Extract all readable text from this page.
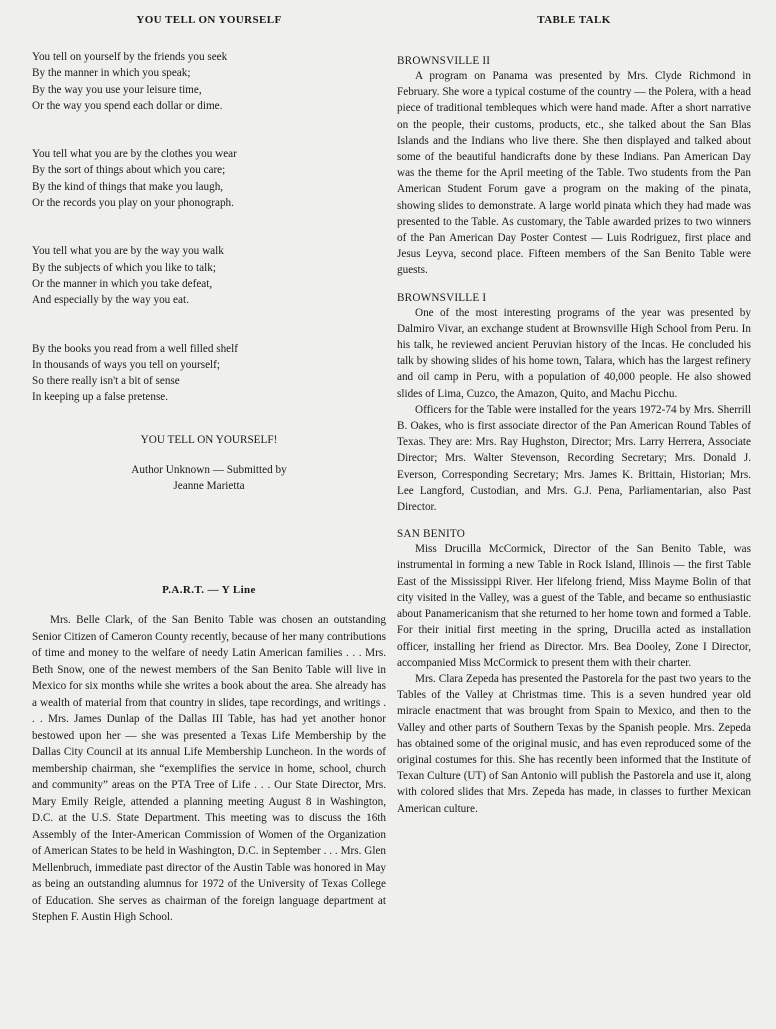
YOU TELL ON YOURSELF
You tell on yourself by the friends you seek
By the manner in which you speak;
By the way you use your leisure time,
Or the way you spend each dollar or dime.
You tell what you are by the clothes you wear
By the sort of things about which you care;
By the kind of things that make you laugh,
Or the records you play on your phonograph.
You tell what you are by the way you walk
By the subjects of which you like to talk;
Or the manner in which you take defeat,
And especially by the way you eat.
By the books you read from a well filled shelf
In thousands of ways you tell on yourself;
So there really isn't a bit of sense
In keeping up a false pretense.
YOU TELL ON YOURSELF!
Author Unknown — Submitted by
Jeanne Marietta
P.A.R.T. — Y Line

Mrs. Belle Clark, of the San Benito Table was chosen an outstanding Senior Citizen of Cameron County recently, because of her many contributions of time and money to the welfare of needy Latin American families . . . Mrs. Beth Snow, one of the newest members of the San Benito Table will live in Mexico for six months while she writes a book about the area. She already has a wealth of material from that country in slides, tape recordings, and writings . . . Mrs. James Dunlap of the Dallas III Table, has had yet another honor bestowed upon her — she was presented a Texas Life Membership by the Dallas City Council at its annual Life Membership Luncheon. In the words of membership chairman, she “exemplifies the service in home, school, church and community” areas on the PTA Tree of Life . . . Our State Director, Mrs. Mary Emily Reigle, attended a planning meeting August 8 in Washington, D.C. at the U.S. State Department. This meeting was to discuss the 16th Assembly of the Inter-American Commission of Women of the Organization of American States to be held in Washington, D.C. in September . . . Mrs. Glen Mellenbruch, immediate past director of the Austin Table was honored in May as being an outstanding alumnus for 1972 of the University of Texas College of Education. She serves as chairman of the foreign language department at Stephen F. Austin High School.

TABLE TALK
BROWNSVILLE II

A program on Panama was presented by Mrs. Clyde Richmond in February. She wore a typical costume of the country — the Polera, with a head piece of traditional tembleques which were hand made. After a short narrative on the people, their customs, products, etc., she talked about the San Blas Islands and the Indians who live there. She then displayed and talked about some of the beautiful handicrafts done by these Indians. Pan American Day was the theme for the April meeting of the Table. Two students from the Pan American Student Forum gave a program on the making of the pinata, showing slides to demonstrate. A large world pinata which they had made was presented to the Table. As customary, the Table awarded prizes to two winners of the Pan American Day Poster Contest — Luis Rodriguez, first place and Jesus Leyva, second place. Fifteen members of the San Benito Table were guests.

BROWNSVILLE I

One of the most interesting programs of the year was presented by Dalmiro Vivar, an exchange student at Brownsville High School from Peru. In his talk, he reviewed ancient Peruvian history of the Incas. He concluded his talk by showing slides of his home town, Talara, which has the largest refinery and oil camp in Peru, with a population of 40,000 people. He also showed slides of Lima, Cuzco, the Amazon, Quito, and Machu Picchu.

Officers for the Table were installed for the years 1972-74 by Mrs. Sherrill B. Oakes, who is first associate director of the Pan American Round Tables of Texas. They are: Mrs. Ray Hughston, Director; Mrs. Larry Herrera, Associate Director; Mrs. Walter Stevenson, Recording Secretary; Mrs. Donald J. Everson, Corresponding Secretary; Mrs. James K. Brittain, Historian; Mrs. Lee Langford, Custodian, and Mrs. G.J. Pena, Parliamentarian, also Past Director.

SAN BENITO

Miss Drucilla McCormick, Director of the San Benito Table, was instrumental in forming a new Table in Rock Island, Illinois — the first Table East of the Mississippi River. Her lifelong friend, Miss Mayme Bolin of that city visited in the Valley, was a guest of the Table, and became so enthusiastic about Panamericanism that she returned to her home town and formed a Table. For their initial first meeting in the spring, Drucilla acted as installation officer, installing her friend as Director. Mrs. Bea Dooley, Zone I Director, accompanied Miss McCormick to present them with their charter.

Mrs. Clara Zepeda has presented the Pastorela for the past two years to the Tables of the Valley at Christmas time. This is a seven hundred year old miracle enactment that was brought from Spain to Mexico, and then to the Valley and other parts of Southern Texas by the Spanish people. Mrs. Zepeda has obtained some of the original music, and has even reproduced some of the original costumes for this. She has recently been informed that the Institute of Texan Culture (UT) of San Antonio will publish the Pastorela and use it, along with colored slides that Mrs. Zepeda has made, in classes to further Mexican American culture.
